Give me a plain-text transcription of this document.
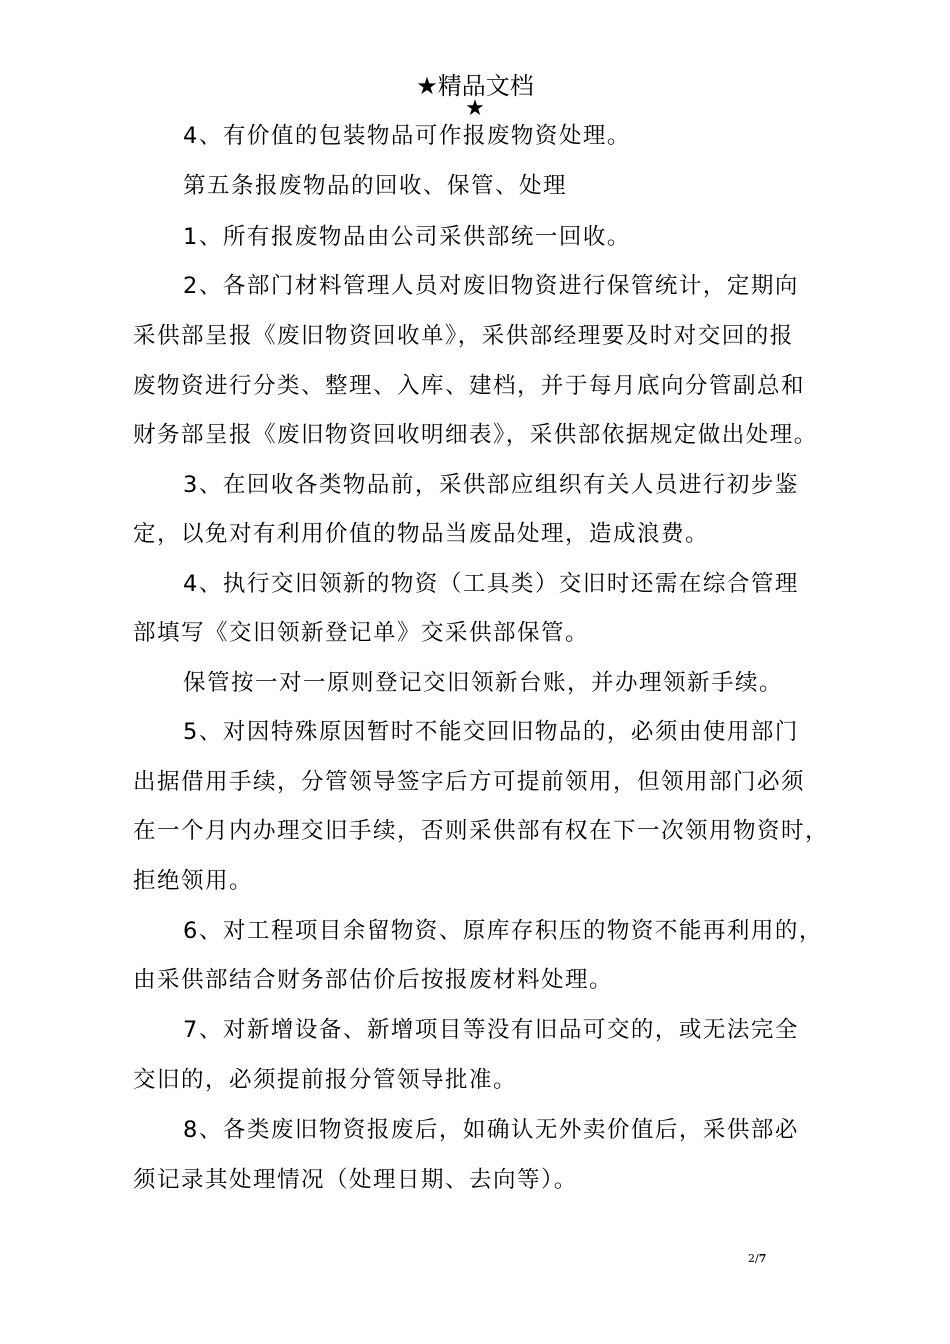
★精品文档
★
4、有价值的包装物品可作报废物资处理。
第五条报废物品的回收、保管、处理
1、所有报废物品由公司采供部统一回收。
2、各部门材料管理人员对废旧物资进行保管统计，定期向
采供部呈报《废旧物资回收单》，采供部经理要及时对交回的报
废物资进行分类、整理、入库、建档，并于每月底向分管副总和
财务部呈报《废旧物资回收明细表》，采供部依据规定做出处理。
3、在回收各类物品前，采供部应组织有关人员进行初步鉴
定，以免对有利用价值的物品当废品处理，造成浪费。
4、执行交旧领新的物资（工具类）交旧时还需在综合管理
部填写《交旧领新登记单》交采供部保管。
保管按一对一原则登记交旧领新台账，并办理领新手续。
5、对因特殊原因暂时不能交回旧物品的，必须由使用部门
出据借用手续，分管领导签字后方可提前领用，但领用部门必须
在一个月内办理交旧手续，否则采供部有权在下一次领用物资时，
拒绝领用。
6、对工程项目余留物资、原库存积压的物资不能再利用的，
由采供部结合财务部估价后按报废材料处理。
7、对新增设备、新增项目等没有旧品可交的，或无法完全
交旧的，必须提前报分管领导批准。
8、各类废旧物资报废后，如确认无外卖价值后，采供部必
须记录其处理情况（处理日期、去向等）。
2/7
